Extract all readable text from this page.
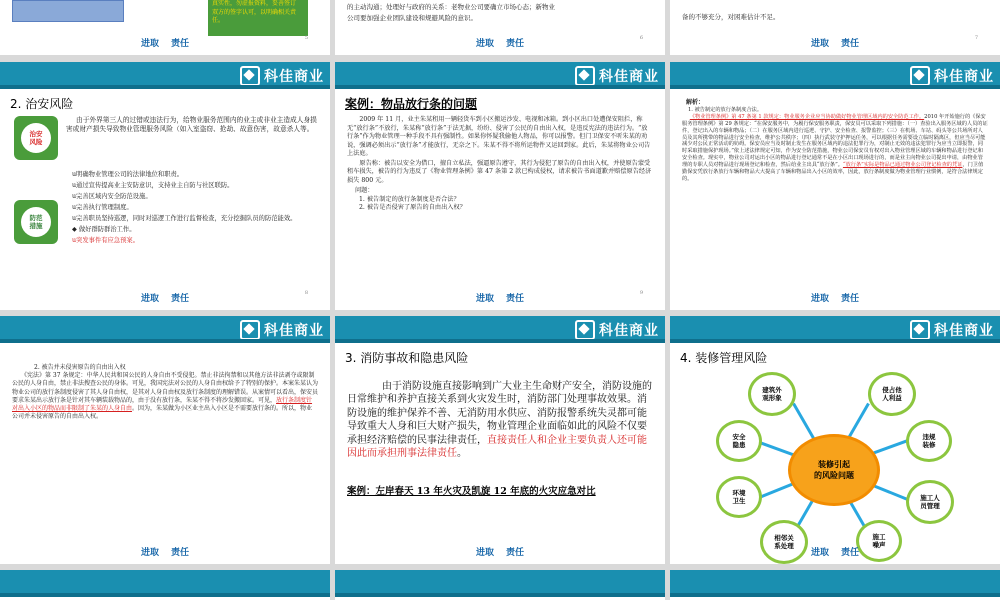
真实性，勿虚报资料，妥善签订
双方的签字认可，以明确相关责
任。
进取 责任
5
科佳商业
2. 治安风险
治安
风险
防范
措施
由于外界第三人的过错或违法行为，给物业服务范围内的业主或非业主造成人身损害或财产损失导致物业管理服务风险（如入室盗窃、抢劫、故意伤害，故意杀人等。
u明确物业管理公司的法律地位和职责。
u通过宣传提高业主安防意识，支持业主自防与社区联防。
u完善区域内安全防范设施。
u完善执行管理制度。
u完善职员坚持巡逻，同时对巡逻工作进行监督检查，充分挖掘队员的防范能效。
◆ 做好群防群治工作。
u突发事件有应急预案。
进取 责任
8
科佳商业
2. 被告并未侵害原告的自由出入权
《宪法》第 37 条规定：中华人民共和国公民的人身自由不受侵犯。禁止非法拘禁和以其他方法非法剥夺或限制公民的人身自由，禁止非法搜查公民的身体。可见，我国宪法对公民的人身自由权给予了特别的保护。本案朱某认为物业公司的放行条制度侵害了其人身自由权，是其对人身自由权及放行条制度的理解错误。从案情可以看出，保安员要求朱某出示放行条是针对其车辆装载物品的，由于没有放行条，朱某不得不将沙发搬回家。可见，放行条制度针对出入小区的物品而非限制了朱某的人身自由。因为，朱某做为小区业主出入小区是不需要放行条的。所以，物业公司并未侵害原告的自由出入权。
进取 责任
的主动沟通；处理好与政府的关系：老物业公司要确立市场心态；新物业
公司要加强企业团队建设和规避风险的意识。
进取 责任
6
科佳商业
案例：物品放行条的问题
2009 年 11 月，业主朱某租用一辆轻货车到小区搬运沙发、电视和冰箱。到小区出口处遭保安阻拦，称无“放行条”不放行，朱某称“放行条”于法无据，纷纷、侵害了公民的自由出入权，是违反宪法的违法行为。“放行条”作为物业管理一种手段不具有强制性。如果你怀疑我偷他人物品，你可以报警。但门卫保安不听朱某的劝说，强调必须出示“放行条”才能放行，无奈之下。朱某不得不将所运物件又运回到家。此后，朱某将物业公司告上法庭。
原告称：被告以安全为借口，擅自立私法，强逼原告遵守，其行为侵犯了原告的自由出入权，并使原告蒙受租车损失，被告的行为违反了《物业管理条例》第 47 条第 2 款已构成侵权，请求被告书面道歉并赔偿原告经济损失 800 元。
问题：
1. 被告制定的放行条制度是否合法？
2. 被告是否侵害了原告的自由出入权？
进取 责任
9
科佳商业
3. 消防事故和隐患风险
由于消防设施直接影响到广大业主生命财产安全，消防设施的日常维护和养护直接关系到火灾发生时，消防部门处理事故效果。消防设施的维护保养不善、无消防用水供应、消防报警系统失灵都可能导致重大人身和巨大财产损失，物业管理企业面临如此的风险不仅要承担经济赔偿的民事法律责任，直接责任人和企业主要负责人还可能因此而承担刑事法律责任。
案例：左岸春天 13 年火灾及凯旋 12 年底的火灾应急对比
进取 责任
备的不够充分，对困难估计不足。
进取 责任
7
科佳商业
解析：
1. 被告制定的放行条制度合法。
《物业管理条例》第 47 条第 1 款规定：物业服务企业应当协助做好物业管理区域内的安全防范工作。2010 年开始施行的《保安服务管理条例》第 29 条规定：“在保安服务中，为履行保安服务职责，保安员可以采取下列措施：（一）查验出入服务区域的人员的证件，登记出入的车辆和物品；（二）在服务区域内进行巡逻、守护、安全检查、报警监控；（三）在机场、车站、码头等公共场所对人员及其所携带的物品进行安全检查，维护公共秩序；（四）执行武装守护押运任务，可以根据任务需要设立临时隔离区，但应当尽可能减少对公民正常活动的妨碍。保安员应当及时制止发生在服务区域内的违法犯罪行为，对制止无效的违法犯罪行为应当立即报警，同时采取措施保护现场。”依上述法律规定可知，作为安全防范措施，物业公司保安员有权对出入物业管理区域的车辆和物品进行登记和安全检查。现实中，物业公司对运出小区的物品进行登记通常不是在小区出口现场进行的，而是业主向物业公司提出申请，由物业管理的专职人员对物品进行现场登记和检查，然后给业主出具“放行条”。“放行条”实际是物品已通过物业公司登记检查的凭证，门卫值勤保安凭放行条放行车辆和物品大大提高了车辆和物品出入小区的效率，因此，放行条制度做为物业管理行业惯例，是符合法律规定的。
进取 责任
科佳商业
4. 装修管理风险
建筑外
观形象
侵占他
人利益
违规
装修
施工人
员管理
施工
噪声
相邻关
系处理
环境
卫生
安全
隐患
装修引起
的风险问题
进取 责任
